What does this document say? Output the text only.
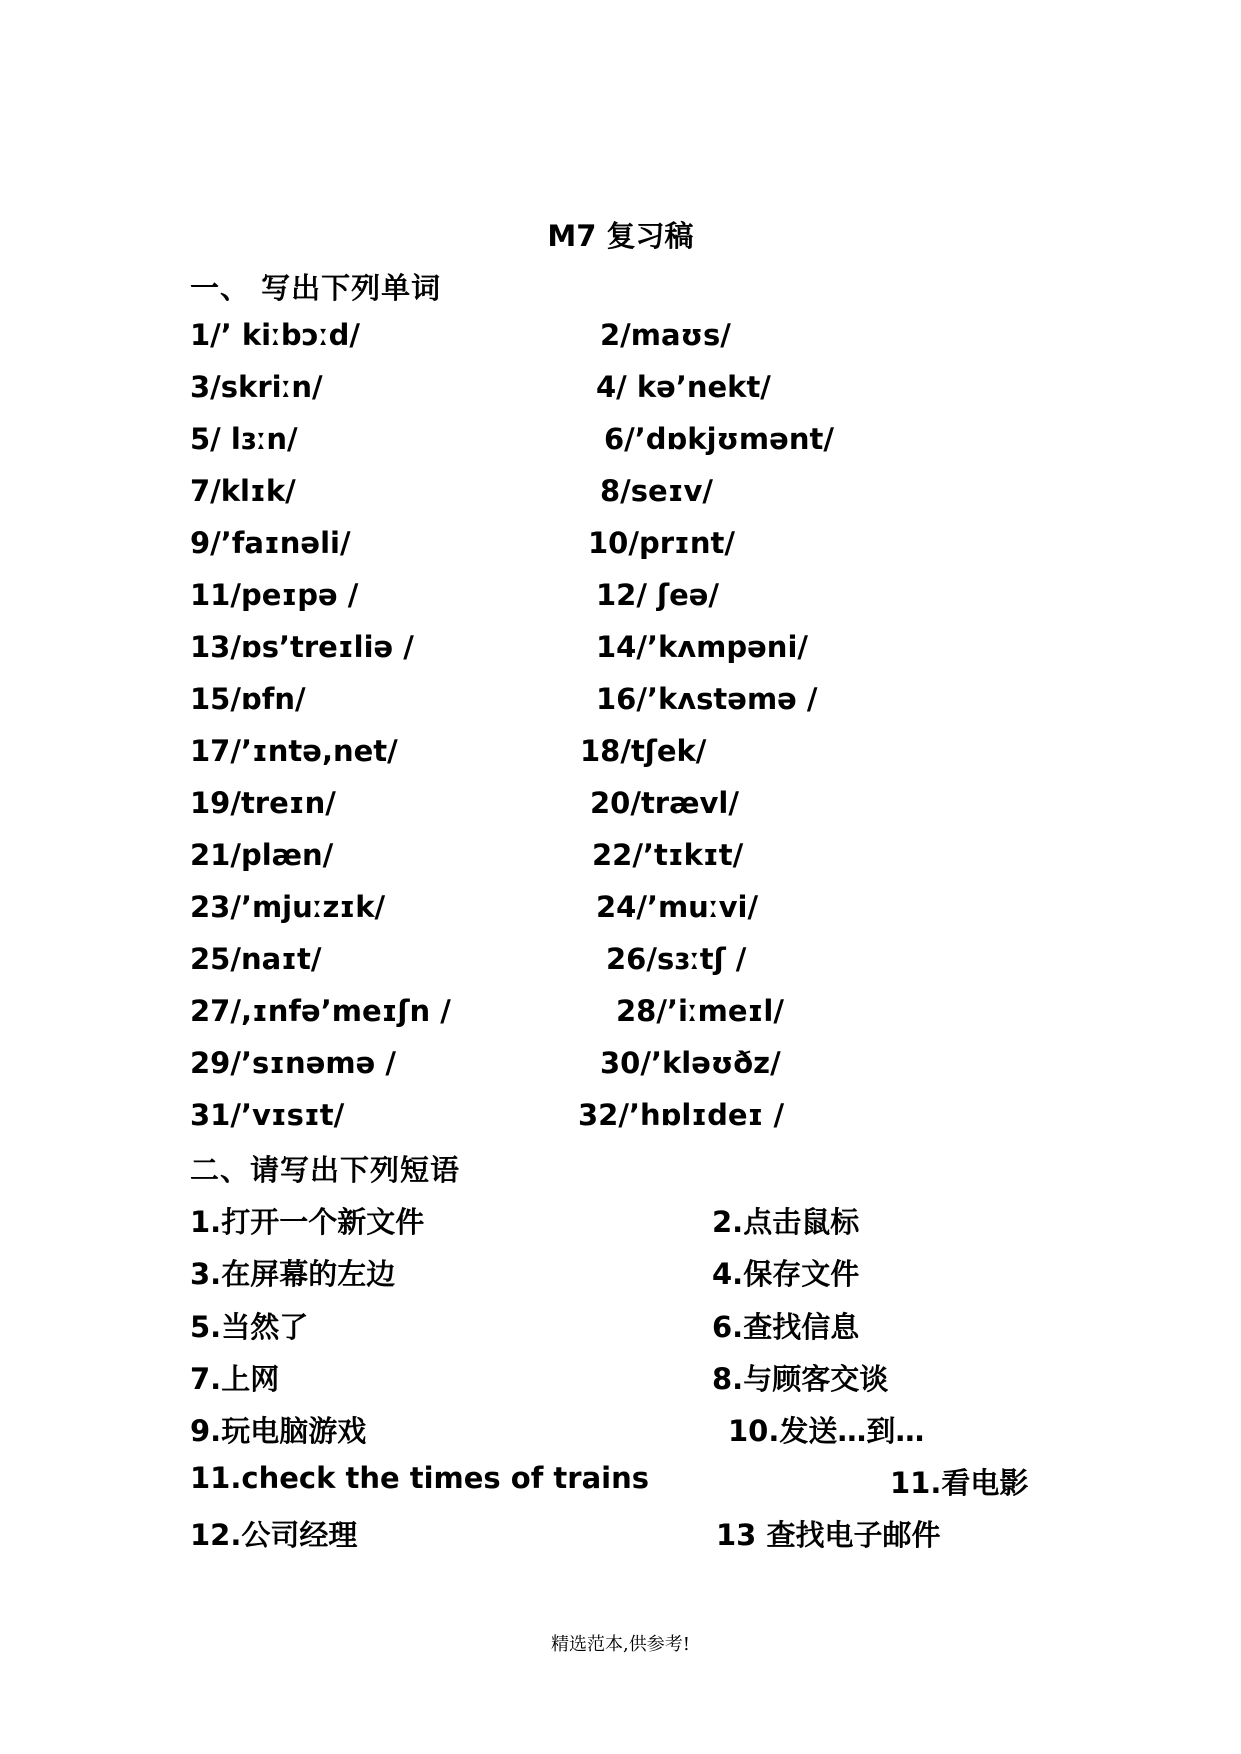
M7 复习稿
一、 写出下列单词
1/’ kiːbɔːd/	2/maʊs/
3/skriːn/	4/ kə’nekt/
5/ lɜːn/	6/’dɒkjʊmənt/
7/klɪk/	8/seɪv/
9/’faɪnəli/	10/prɪnt/
11/peɪpə /	12/ ʃeə/
13/ɒs’treɪliə /	14/’kʌmpəni/
15/ɒfn/	16/’kʌstəmə /
17/’ɪntə,net/	18/tʃek/
19/treɪn/	20/trævl/
21/plæn/	22/’tɪkɪt/
23/’mjuːzɪk/	24/’muːvi/
25/naɪt/	26/sɜːtʃ /
27/,ɪnfə’meɪʃn /	28/’iːmeɪl/
29/’sɪnəmə /	30/’kləʊðz/
31/’vɪsɪt/	32/’hɒlɪdeɪ /
二、请写出下列短语
1.打开一个新文件	2.点击鼠标
3.在屏幕的左边	4.保存文件
5.当然了	6.查找信息
7.上网	8.与顾客交谈
9.玩电脑游戏	10.发送…到…
11.check the times of trains	11.看电影
12.公司经理	13 查找电子邮件
精选范本,供参考!
